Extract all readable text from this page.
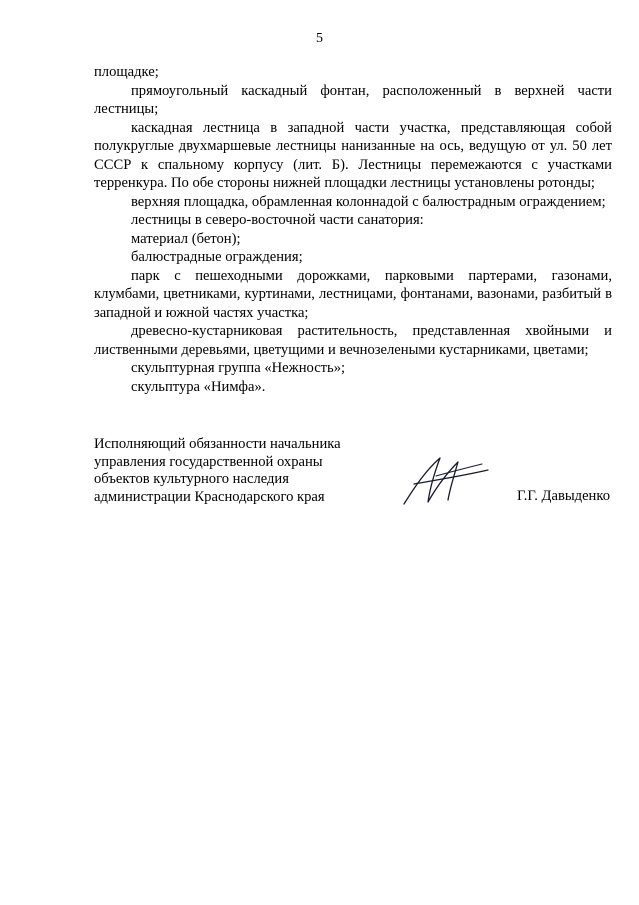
5

площадке;

прямоугольный каскадный фонтан, расположенный в верхней части лестницы;

каскадная лестница в западной части участка, представляющая собой полукруглые двухмаршевые лестницы нанизанные на ось, ведущую от ул. 50 лет СССР к спальному корпусу (лит. Б). Лестницы перемежаются с участками терренкура. По обе стороны нижней площадки лестницы установлены ротонды;

верхняя площадка, обрамленная колоннадой с балюстрадным ограждением;

лестницы в северо-восточной части санатория:

материал (бетон);

балюстрадные ограждения;

парк с пешеходными дорожками, парковыми партерами, газонами, клумбами, цветниками, куртинами, лестницами, фонтанами, вазонами, разбитый в западной и южной частях участка;

древесно-кустарниковая растительность, представленная хвойными и лиственными деревьями, цветущими и вечнозелеными кустарниками, цветами;

скульптурная группа «Нежность»;

скульптура «Нимфа».

Исполняющий обязанности начальника
управления государственной охраны
объектов культурного наследия
администрации Краснодарского края	Г.Г. Давыденко
